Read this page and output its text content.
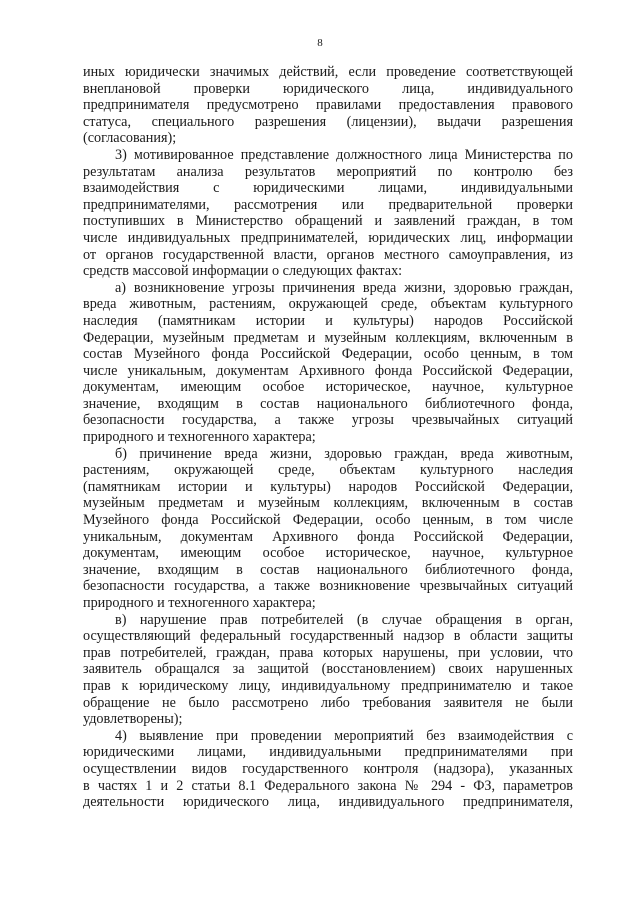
8

иных юридически значимых действий, если проведение соответствующей

внеплановой проверки юридического лица, индивидуального

предпринимателя предусмотрено правилами предоставления правового

статуса, специального разрешения (лицензии), выдачи разрешения

(согласования);

3) мотивированное представление должностного лица Министерства по

результатам анализа результатов мероприятий по контролю без

взаимодействия с юридическими лицами, индивидуальными

предпринимателями, рассмотрения или предварительной проверки

поступивших в Министерство обращений и заявлений граждан, в том

числе индивидуальных предпринимателей, юридических лиц, информации

от органов государственной власти, органов местного самоуправления, из

средств массовой информации о следующих фактах:

а) возникновение угрозы причинения вреда жизни, здоровью граждан,

вреда животным, растениям, окружающей среде, объектам культурного

наследия (памятникам истории и культуры) народов Российской

Федерации, музейным предметам и музейным коллекциям, включенным в

состав Музейного фонда Российской Федерации, особо ценным, в том

числе уникальным, документам Архивного фонда Российской Федерации,

документам, имеющим особое историческое, научное, культурное

значение, входящим в состав национального библиотечного фонда,

безопасности государства, а также угрозы чрезвычайных ситуаций

природного и техногенного характера;

б) причинение вреда жизни, здоровью граждан, вреда животным,

растениям, окружающей среде, объектам культурного наследия

(памятникам истории и культуры) народов Российской Федерации,

музейным предметам и музейным коллекциям, включенным в состав

Музейного фонда Российской Федерации, особо ценным, в том числе

уникальным, документам Архивного фонда Российской Федерации,

документам, имеющим особое историческое, научное, культурное

значение, входящим в состав национального библиотечного фонда,

безопасности государства, а также возникновение чрезвычайных ситуаций

природного и техногенного характера;

в) нарушение прав потребителей (в случае обращения в орган,

осуществляющий федеральный государственный надзор в области защиты

прав потребителей, граждан, права которых нарушены, при условии, что

заявитель обращался за защитой (восстановлением) своих нарушенных

прав к юридическому лицу, индивидуальному предпринимателю и такое

обращение не было рассмотрено либо требования заявителя не были

удовлетворены);

4) выявление при проведении мероприятий без взаимодействия с

юридическими лицами, индивидуальными предпринимателями при

осуществлении видов государственного контроля (надзора), указанных

в частях 1 и 2 статьи 8.1 Федерального закона № 294 - ФЗ, параметров

деятельности юридического лица, индивидуального предпринимателя,
